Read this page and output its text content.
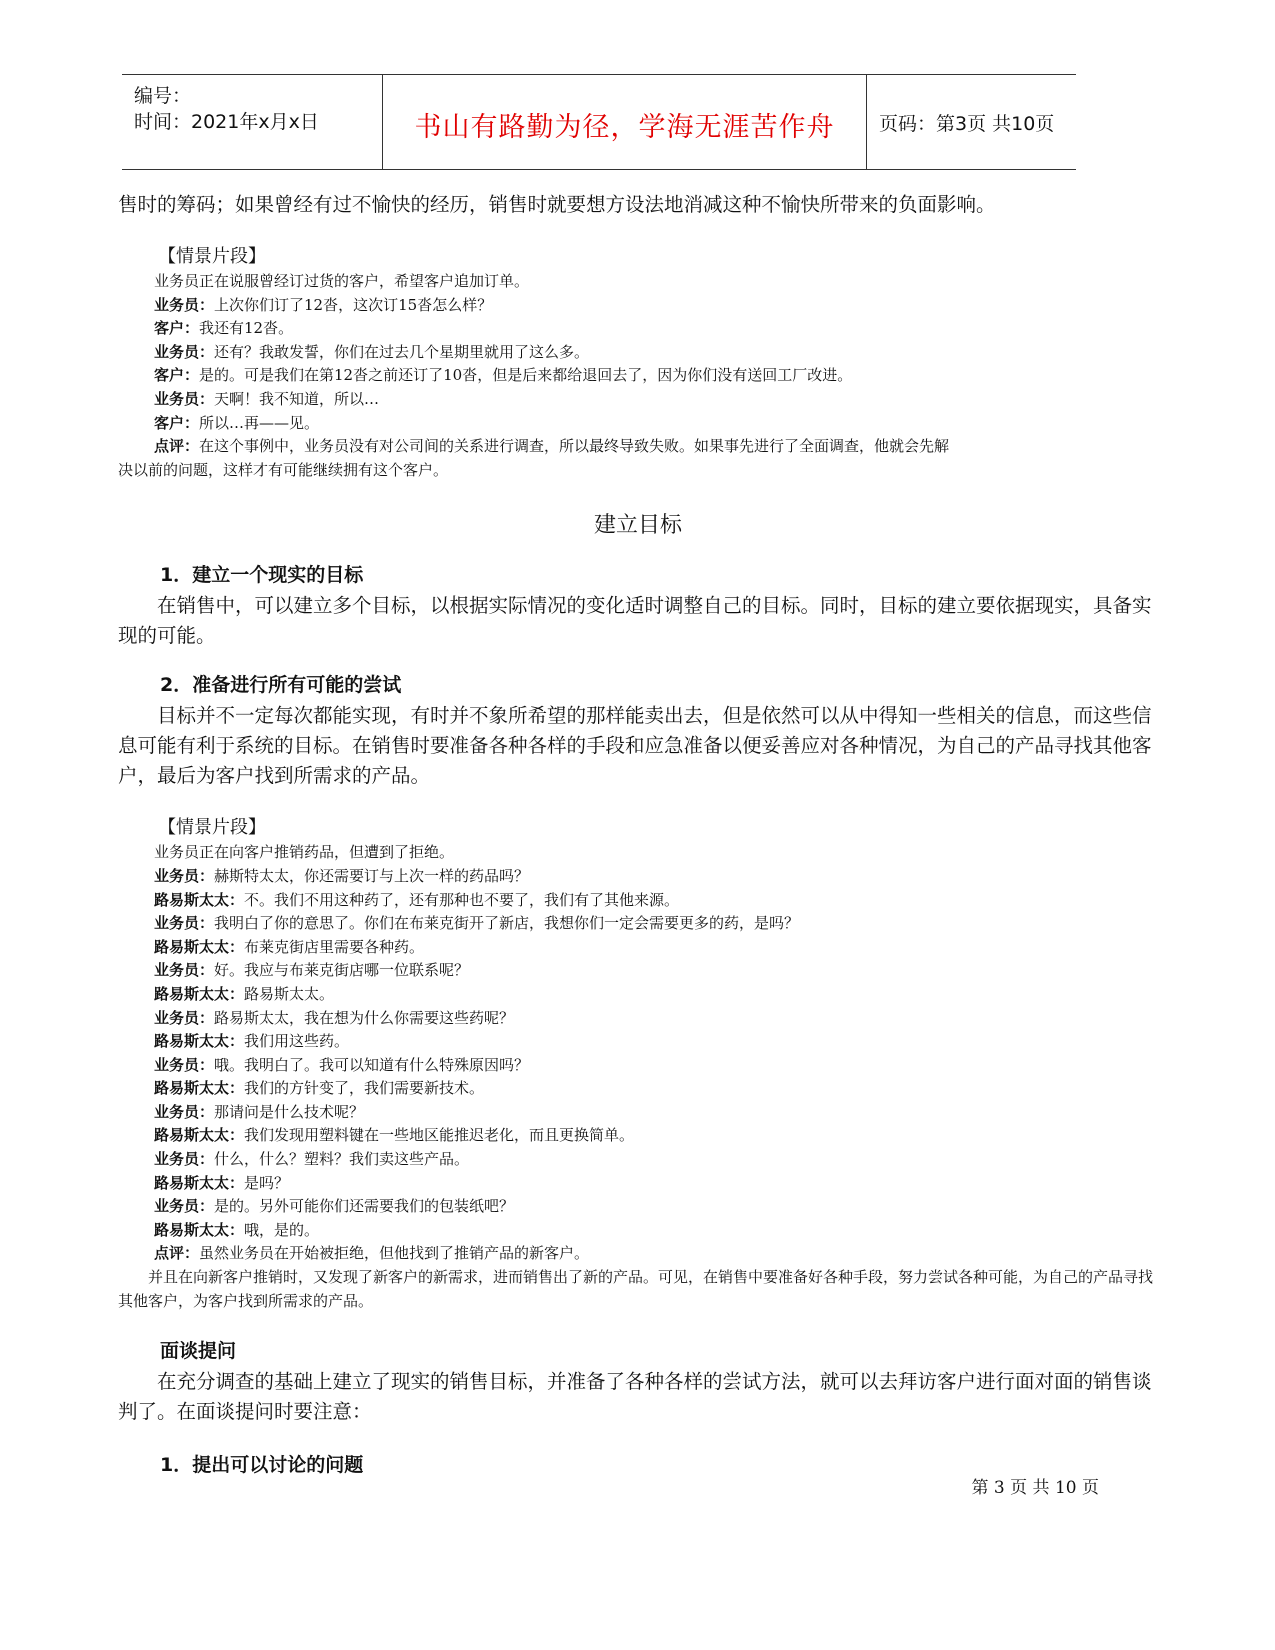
编号：
时间：2021年x月x日	书山有路勤为径，学海无涯苦作舟	页码：第3页 共10页

售时的筹码；如果曾经有过不愉快的经历，销售时就要想方设法地消减这种不愉快所带来的负面影响。

【情景片段】
业务员正在说服曾经订过货的客户，希望客户追加订单。
业务员：上次你们订了12沓，这次订15沓怎么样？
客户：我还有12沓。
业务员：还有？我敢发誓，你们在过去几个星期里就用了这么多。
客户：是的。可是我们在第12沓之前还订了10沓，但是后来都给退回去了，因为你们没有送回工厂改进。
业务员：天啊！我不知道，所以…
客户：所以…再——见。
点评：在这个事例中，业务员没有对公司间的关系进行调查，所以最终导致失败。如果事先进行了全面调查，他就会先解
决以前的问题，这样才有可能继续拥有这个客户。
建立目标
1．建立一个现实的目标

在销售中，可以建立多个目标，以根据实际情况的变化适时调整自己的目标。同时，目标的建立要依据现实，具备实现的可能。

2．准备进行所有可能的尝试

目标并不一定每次都能实现，有时并不象所希望的那样能卖出去，但是依然可以从中得知一些相关的信息，而这些信息可能有利于系统的目标。在销售时要准备各种各样的手段和应急准备以便妥善应对各种情况，为自己的产品寻找其他客户，最后为客户找到所需求的产品。

【情景片段】
业务员正在向客户推销药品，但遭到了拒绝。
业务员：赫斯特太太，你还需要订与上次一样的药品吗？
路易斯太太：不。我们不用这种药了，还有那种也不要了，我们有了其他来源。
业务员：我明白了你的意思了。你们在布莱克街开了新店，我想你们一定会需要更多的药，是吗？
路易斯太太：布莱克街店里需要各种药。
业务员：好。我应与布莱克街店哪一位联系呢？
路易斯太太：路易斯太太。
业务员：路易斯太太，我在想为什么你需要这些药呢？
路易斯太太：我们用这些药。
业务员：哦。我明白了。我可以知道有什么特殊原因吗？
路易斯太太：我们的方针变了，我们需要新技术。
业务员：那请问是什么技术呢？
路易斯太太：我们发现用塑料键在一些地区能推迟老化，而且更换简单。
业务员：什么，什么？塑料？我们卖这些产品。
路易斯太太：是吗？
业务员：是的。另外可能你们还需要我们的包装纸吧？
路易斯太太：哦，是的。
点评：虽然业务员在开始被拒绝，但他找到了推销产品的新客户。
并且在向新客户推销时，又发现了新客户的新需求，进而销售出了新的产品。可见，在销售中要准备好各种手段，努力尝试各种可能，为自己的产品寻找其他客户，为客户找到所需求的产品。
面谈提问

在充分调查的基础上建立了现实的销售目标，并准备了各种各样的尝试方法，就可以去拜访客户进行面对面的销售谈判了。在面谈提问时要注意：

1．提出可以讨论的问题
第 3 页 共 10 页
